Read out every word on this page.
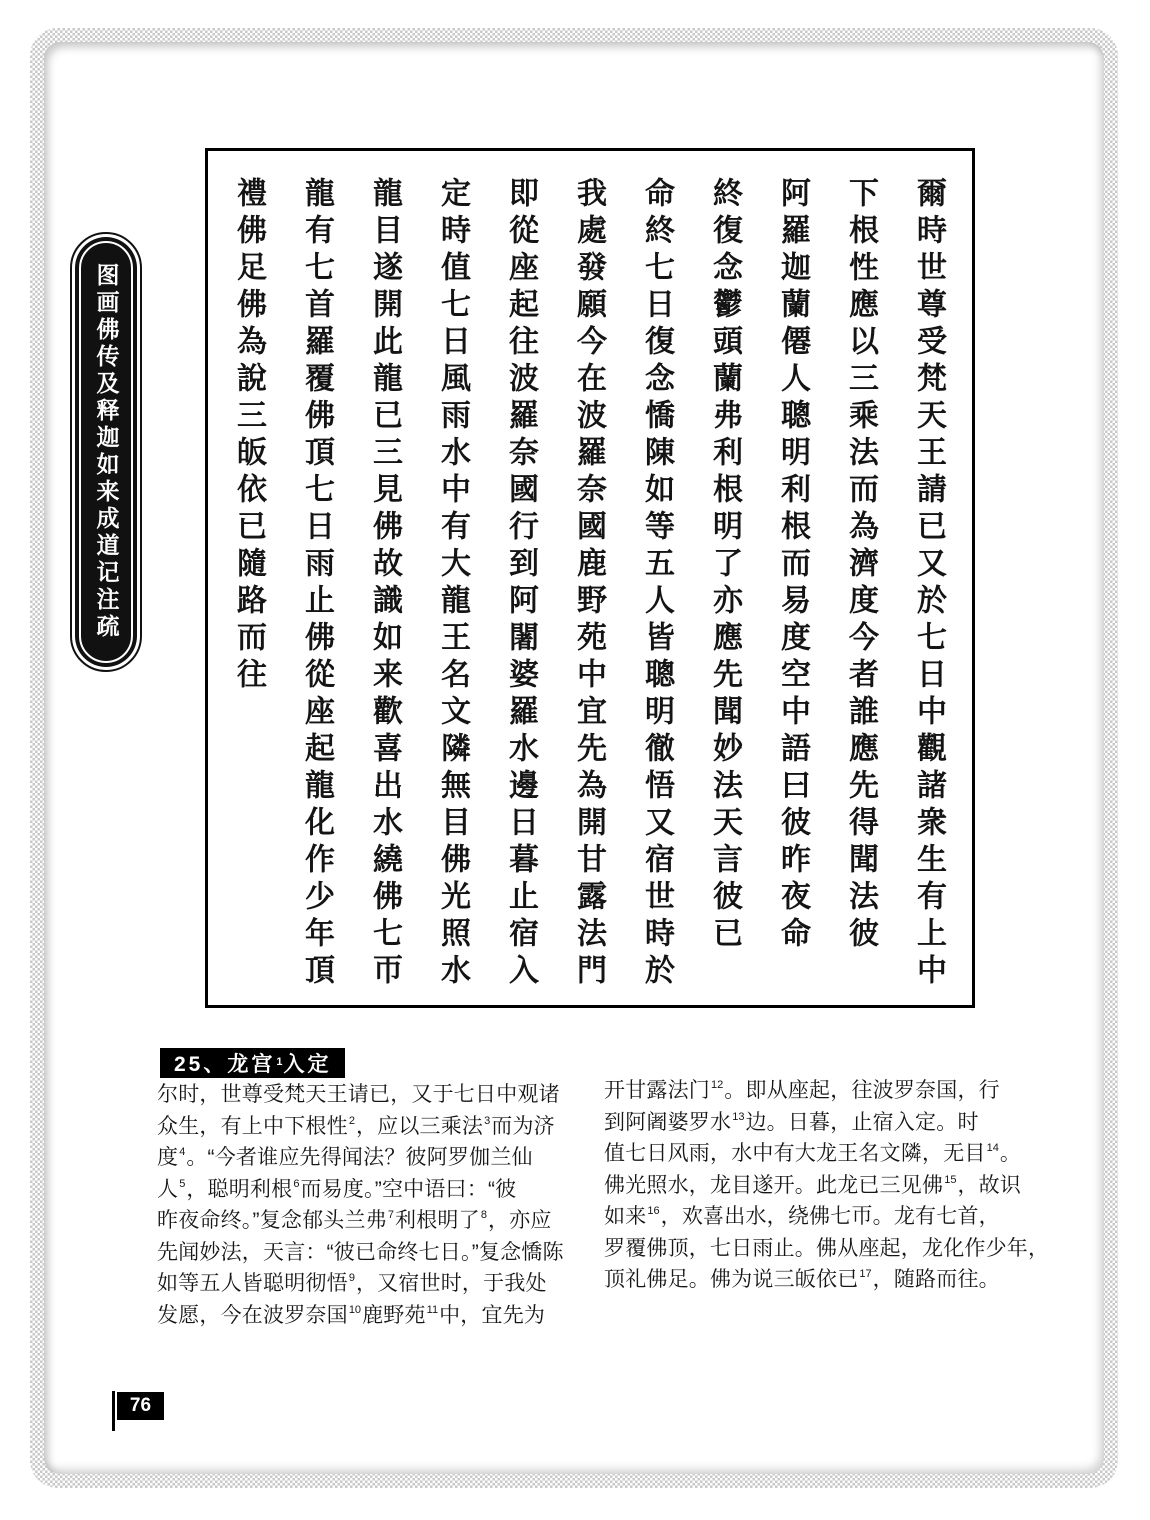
图画佛传及释迦如来成道记注疏	爾時世尊受梵天王請已又於七日中觀諸衆生有上中
下根性應以三乘法而為濟度今者誰應先得聞法彼
阿羅迦蘭僊人聰明利根而易度空中語曰彼昨夜命
終復念鬱頭蘭弗利根明了亦應先聞妙法天言彼已
命終七日復念憍陳如等五人皆聰明徹悟又宿世時於
我處發願今在波羅奈國鹿野苑中宜先為開甘露法門
即從座起往波羅奈國行到阿闍婆羅水邊日暮止宿入
定時值七日風雨水中有大龍王名文隣無目佛光照水
龍目遂開此龍已三見佛故識如来歡喜出水繞佛七帀
龍有七首羅覆佛頂七日雨止佛從座起龍化作少年頂
禮佛足佛為說三皈依已隨路而往
25、龙宫$^1$ 入定
尔时，世尊受梵天王请已，又于七日中观诸
众生，有上中下根性$^2$，应以三乘法$^3$而为济
度$^4$。“今者谁应先得闻法？彼阿罗伽兰仙
人$^5$，聪明利根$^6$而易度。”空中语曰：“彼
昨夜命终。”复念郁头兰弗$^7$利根明了$^8$，亦应
先闻妙法，天言：“彼已命终七日。”复念憍陈
如等五人皆聪明彻悟$^9$，又宿世时，于我处
发愿，今在波罗奈国$^{10}$鹿野苑$^{11}$中，宜先为
开甘露法门$^{12}$。即从座起，往波罗奈国，行
到阿阇婆罗水$^{13}$边。日暮，止宿入定。时
值七日风雨，水中有大龙王名文隣，无目$^{14}$。
佛光照水，龙目遂开。此龙已三见佛$^{15}$，故识
如来$^{16}$，欢喜出水，绕佛七帀。龙有七首，
罗覆佛顶，七日雨止。佛从座起，龙化作少年，
顶礼佛足。佛为说三皈依已$^{17}$，随路而往。
76
